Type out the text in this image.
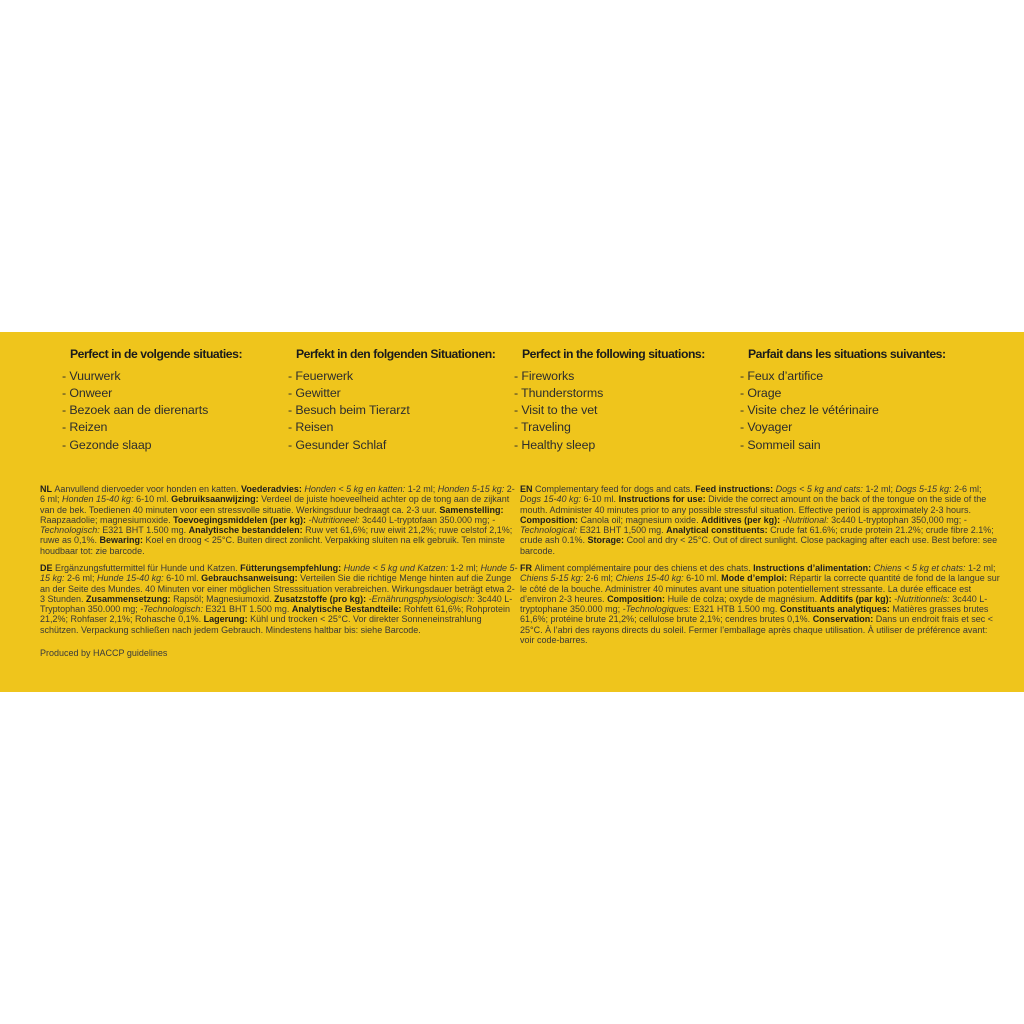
Perfect in de volgende situaties:
- Vuurwerk
- Onweer
- Bezoek aan de dierenarts
- Reizen
- Gezonde slaap
Perfekt in den folgenden Situationen:
- Feuerwerk
- Gewitter
- Besuch beim Tierarzt
- Reisen
- Gesunder Schlaf
Perfect in the following situations:
- Fireworks
- Thunderstorms
- Visit to the vet
- Traveling
- Healthy sleep
Parfait dans les situations suivantes:
- Feux d’artifice
- Orage
- Visite chez le vétérinaire
- Voyager
- Sommeil sain
NL Aanvullend diervoeder voor honden en katten. Voederadvies: Honden < 5 kg en katten: 1-2 ml; Honden 5-15 kg: 2-6 ml; Honden 15-40 kg: 6-10 ml. Gebruiksaanwijzing: Verdeel de juiste hoeveelheid achter op de tong aan de zijkant van de bek. Toedienen 40 minuten voor een stressvolle situatie. Werkingsduur bedraagt ca. 2-3 uur. Samenstelling: Raapzaadolie; magnesiumoxide. Toevoegingsmiddelen (per kg): -Nutritioneel: 3c440 L-tryptofaan 350.000 mg; -Technologisch: E321 BHT 1.500 mg. Analytische bestanddelen: Ruw vet 61,6%; ruw eiwit 21,2%; ruwe celstof 2,1%; ruwe as 0,1%. Bewaring: Koel en droog < 25°C. Buiten direct zonlicht. Verpakking sluiten na elk gebruik. Ten minste houdbaar tot: zie barcode.
EN Complementary feed for dogs and cats. Feed instructions: Dogs < 5 kg and cats: 1-2 ml; Dogs 5-15 kg: 2-6 ml; Dogs 15-40 kg: 6-10 ml. Instructions for use: Divide the correct amount on the back of the tongue on the side of the mouth. Administer 40 minutes prior to any possible stressful situation. Effective period is approximately 2-3 hours. Composition: Canola oil; magnesium oxide. Additives (per kg): -Nutritional: 3c440 L-tryptophan 350,000 mg; -Technological: E321 BHT 1,500 mg. Analytical constituents: Crude fat 61.6%; crude protein 21.2%; crude fibre 2.1%; crude ash 0.1%. Storage: Cool and dry < 25°C. Out of direct sunlight. Close packaging after each use. Best before: see barcode.
DE Ergänzungsfuttermittel für Hunde und Katzen. Fütterungsempfehlung: Hunde < 5 kg und Katzen: 1-2 ml; Hunde 5-15 kg: 2-6 ml; Hunde 15-40 kg: 6-10 ml. Gebrauchsanweisung: Verteilen Sie die richtige Menge hinten auf die Zunge an der Seite des Mundes. 40 Minuten vor einer möglichen Stresssituation verabreichen. Wirkungsdauer beträgt etwa 2-3 Stunden. Zusammensetzung: Rapsöl; Magnesiumoxid. Zusatzstoffe (pro kg): -Ernährungsphysiologisch: 3c440 L-Tryptophan 350.000 mg; -Technologisch: E321 BHT 1.500 mg. Analytische Bestandteile: Rohfett 61,6%; Rohprotein 21,2%; Rohfaser 2,1%; Rohasche 0,1%. Lagerung: Kühl und trocken < 25°C. Vor direkter Sonneneinstrahlung schützen. Verpackung schließen nach jedem Gebrauch. Mindestens haltbar bis: siehe Barcode.
FR Aliment complémentaire pour des chiens et des chats. Instructions d’alimentation: Chiens < 5 kg et chats: 1-2 ml; Chiens 5-15 kg: 2-6 ml; Chiens 15-40 kg: 6-10 ml. Mode d’emploi: Répartir la correcte quantité de fond de la langue sur le côté de la bouche. Administrer 40 minutes avant une situation potentiellement stressante. La durée efficace est d’environ 2-3 heures. Composition: Huile de colza; oxyde de magnésium. Additifs (par kg): -Nutritionnels: 3c440 L-tryptophane 350.000 mg; -Technologiques: E321 HTB 1.500 mg. Constituants analytiques: Matières grasses brutes 61,6%; protéine brute 21,2%; cellulose brute 2,1%; cendres brutes 0,1%. Conservation: Dans un endroit frais et sec < 25°C. À l’abri des rayons directs du soleil. Fermer l’emballage après chaque utilisation. À utiliser de préférence avant: voir code-barres.
Produced by HACCP guidelines
